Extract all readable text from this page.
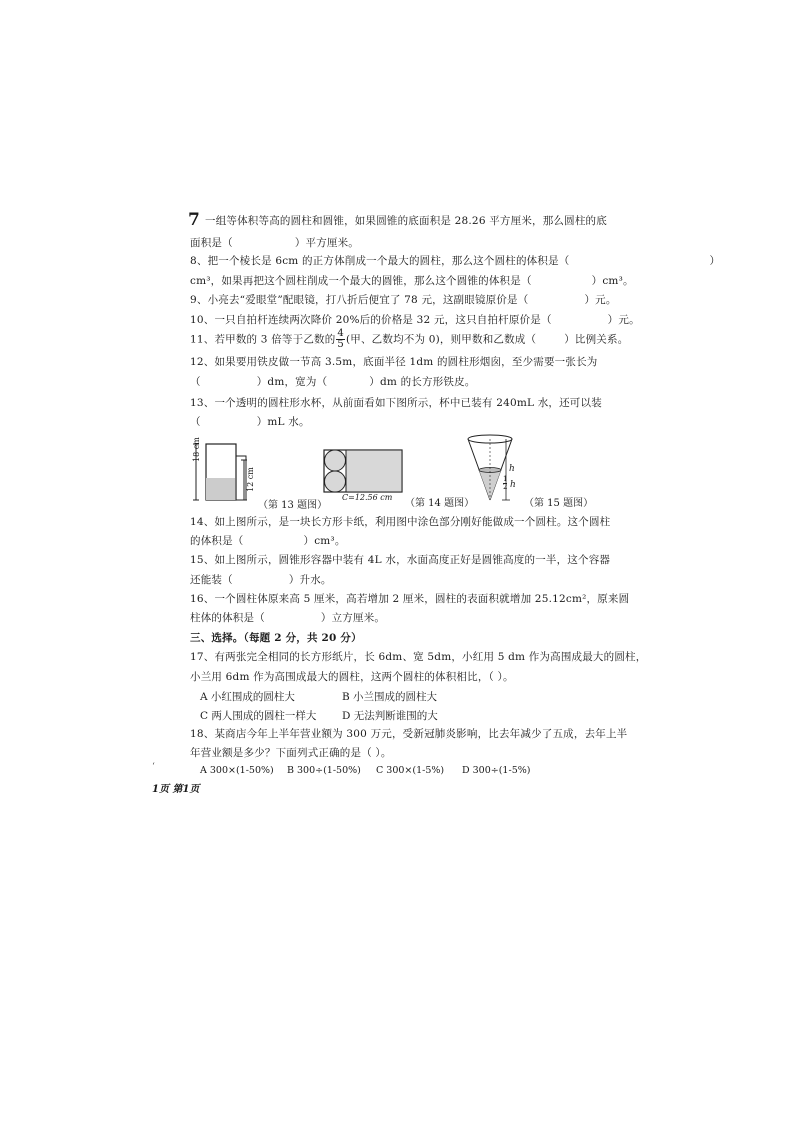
7 一组等体积等高的圆柱和圆锥，如果圆锥的底面积是 28.26 平方厘米，那么圆柱的底
面积是（	）平方厘米。
8、把一个棱长是 6cm 的正方体削成一个最大的圆柱，那么这个圆柱的体积是（	）
cm³，如果再把这个圆柱削成一个最大的圆锥，那么这个圆锥的体积是（	）cm³。
9、小亮去“爱眼堂”配眼镜，打八折后便宜了 78 元，这副眼镜原价是（	）元。
10、一只自拍杆连续两次降价 20%后的价格是 32 元，这只自拍杆原价是（	）元。
11、若甲数的 3 倍等于乙数的 $\frac{4}{5}$ (甲、乙数均不为 0)，则甲数和乙数成（	）比例关系。
12、如果要用铁皮做一节高 3.5m，底面半径 1dm 的圆柱形烟囱，至少需要一张长为
（	）dm，宽为（	）dm 的长方形铁皮。
13、一个透明的圆柱形水杯，从前面看如下图所示，杯中已装有 240mL 水，还可以装
（	）mL 水。
18 cm
12 cm
（第 13 题图）
C=12.56 cm
（第 14 题图）
h
$\frac{1}{2}$ h
（第 15 题图）
14、如上图所示，是一块长方形卡纸，利用图中涂色部分刚好能做成一个圆柱。这个圆柱
的体积是（	）cm³。
15、如上图所示，圆锥形容器中装有 4L 水，水面高度正好是圆锥高度的一半，这个容器
还能装（	）升水。
16、一个圆柱体原来高 5 厘米，高若增加 2 厘米，圆柱的表面积就增加 25.12cm²，原来圆
柱体的体积是（	）立方厘米。
三、选择。（每题 2 分，共 20 分）
17、有两张完全相同的长方形纸片，长 6dm、宽 5dm，小红用 5 dm 作为高围成最大的圆柱，
小兰用 6dm 作为高围成最大的圆柱，这两个圆柱的体积相比，（ ）。
A 小红围成的圆柱大	B 小兰围成的圆柱大
C 两人围成的圆柱一样大 D 无法判断谁围的大
18、某商店今年上半年营业额为 300 万元，受新冠肺炎影响，比去年减少了五成，去年上半
年营业额是多少？下面列式正确的是（ ）。
A 300×(1-50%) B 300÷(1-50%) C 300×(1-5%) D 300÷(1-5%)
‘
1页 第1页
